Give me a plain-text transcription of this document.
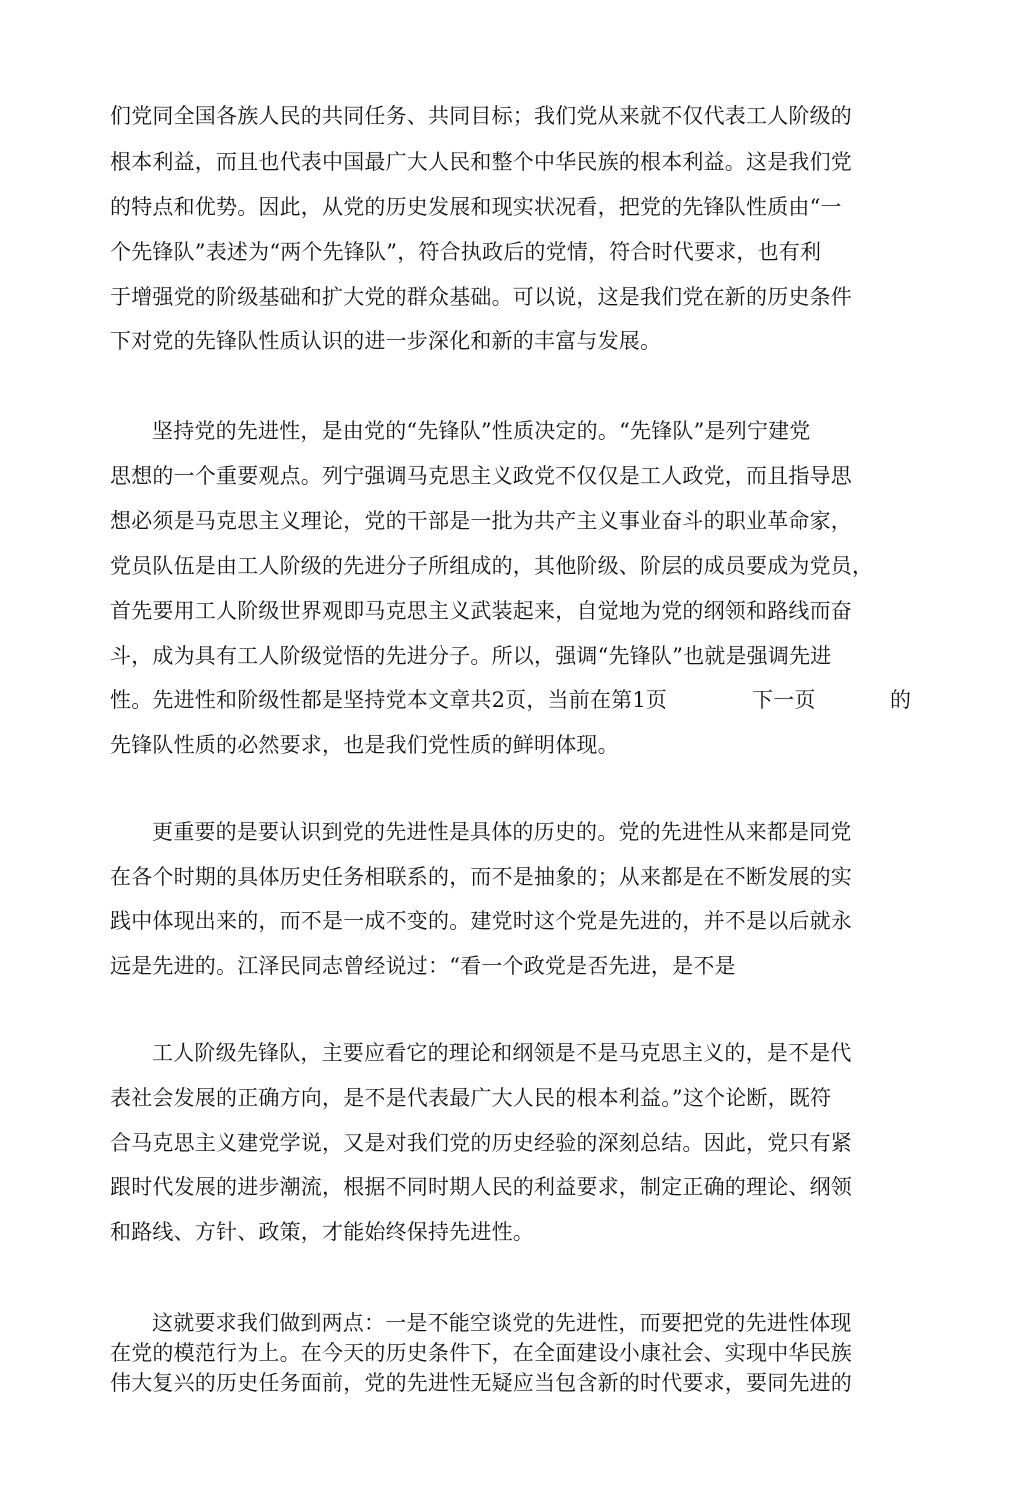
们党同全国各族人民的共同任务、共同目标；我们党从来就不仅代表工人阶级的
根本利益，而且也代表中国最广大人民和整个中华民族的根本利益。这是我们党
的特点和优势。因此，从党的历史发展和现实状况看，把党的先锋队性质由“一
个先锋队”表述为“两个先锋队”，符合执政后的党情，符合时代要求，也有利
于增强党的阶级基础和扩大党的群众基础。可以说，这是我们党在新的历史条件
下对党的先锋队性质认识的进一步深化和新的丰富与发展。
坚持党的先进性，是由党的“先锋队”性质决定的。“先锋队”是列宁建党
思想的一个重要观点。列宁强调马克思主义政党不仅仅是工人政党，而且指导思
想必须是马克思主义理论，党的干部是一批为共产主义事业奋斗的职业革命家，
党员队伍是由工人阶级的先进分子所组成的，其他阶级、阶层的成员要成为党员，
首先要用工人阶级世界观即马克思主义武装起来，自觉地为党的纲领和路线而奋
斗，成为具有工人阶级觉悟的先进分子。所以，强调“先锋队”也就是强调先进
性。先进性和阶级性都是坚持党本文章共2页，当前在第1页	下一页	的
先锋队性质的必然要求，也是我们党性质的鲜明体现。
更重要的是要认识到党的先进性是具体的历史的。党的先进性从来都是同党
在各个时期的具体历史任务相联系的，而不是抽象的；从来都是在不断发展的实
践中体现出来的，而不是一成不变的。建党时这个党是先进的，并不是以后就永
远是先进的。江泽民同志曾经说过：“看一个政党是否先进，是不是
工人阶级先锋队，主要应看它的理论和纲领是不是马克思主义的，是不是代
表社会发展的正确方向，是不是代表最广大人民的根本利益。”这个论断，既符
合马克思主义建党学说，又是对我们党的历史经验的深刻总结。因此，党只有紧
跟时代发展的进步潮流，根据不同时期人民的利益要求，制定正确的理论、纲领
和路线、方针、政策，才能始终保持先进性。
这就要求我们做到两点：一是不能空谈党的先进性，而要把党的先进性体现
在党的模范行为上。在今天的历史条件下，在全面建设小康社会、实现中华民族
伟大复兴的历史任务面前，党的先进性无疑应当包含新的时代要求，要同先进的
